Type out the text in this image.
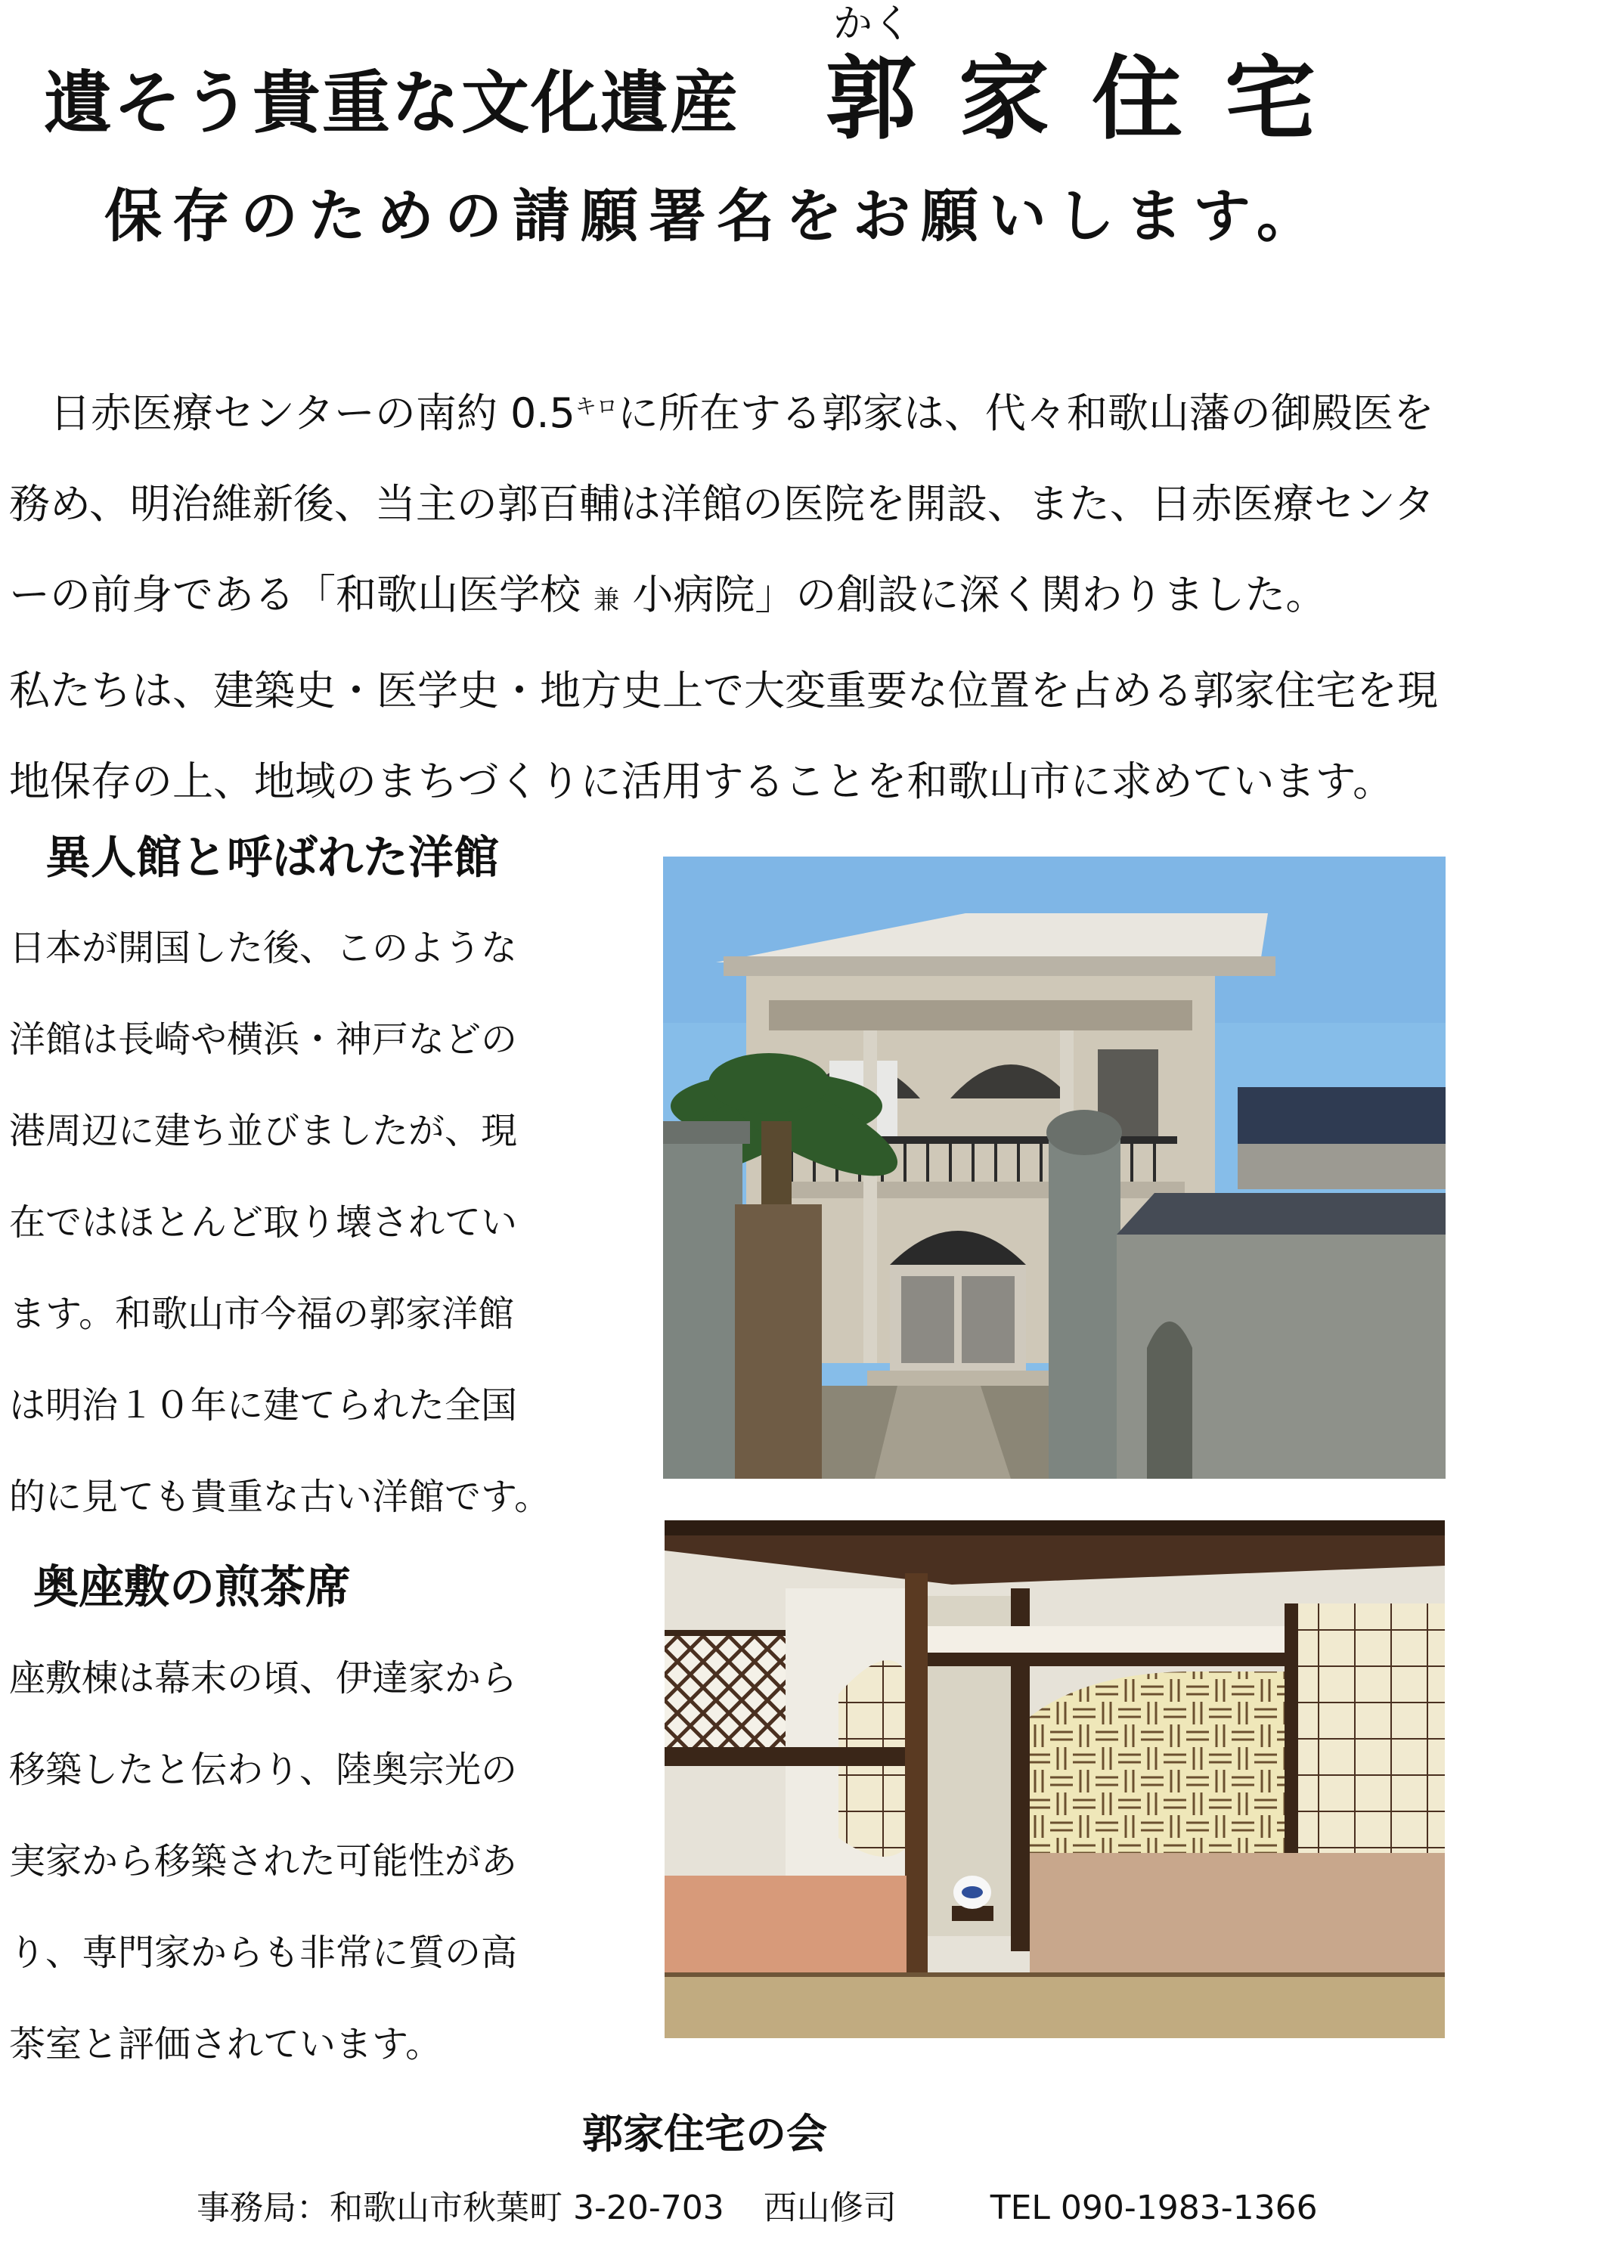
かく
遺そう貴重な文化遺産 郭家住宅
保存のための請願署名をお願いします。

　日赤医療センターの南約 $0.5^{キロ}$に所在する郭家は、代々和歌山藩の御殿医を

務め、明治維新後、当主の郭百輔は洋館の医院を開設、また、日赤医療センタ

ーの前身である「和歌山医学校 兼 小病院」の創設に深く関わりました。

私たちは、建築史・医学史・地方史上で大変重要な位置を占める郭家住宅を現

地保存の上、地域のまちづくりに活用することを和歌山市に求めています。

異人館と呼ばれた洋館
日本が開国した後、このような
洋館は長崎や横浜・神戸などの
港周辺に建ち並びましたが、現
在ではほとんど取り壊されてい
ます。和歌山市今福の郭家洋館
は明治１０年に建てられた全国
的に見ても貴重な古い洋館です。
奥座敷の煎茶席
座敷棟は幕末の頃、伊達家から
移築したと伝わり、陸奥宗光の
実家から移築された可能性があ
り、専門家からも非常に質の高
茶室と評価されています。
郭家住宅の会
事務局：和歌山市秋葉町 3-20-703 西山修司	TEL 090-1983-1366
